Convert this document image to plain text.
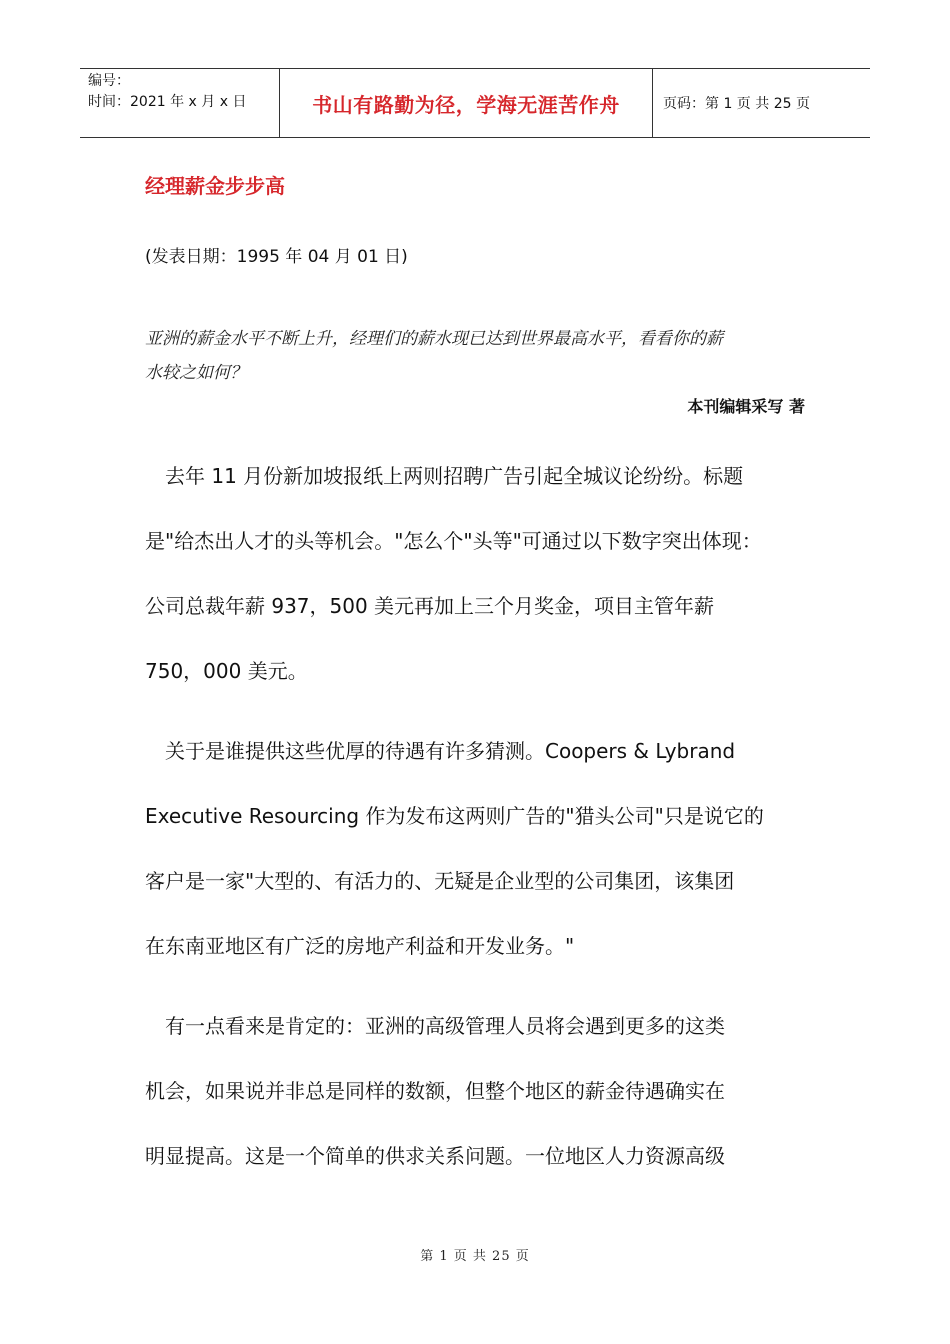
编号：
时间：2021 年 x 月 x 日	书山有路勤为径，学海无涯苦作舟	页码：第 1 页 共 25 页
经理薪金步步高
(发表日期：1995 年 04 月 01 日)
亚洲的薪金水平不断上升，经理们的薪水现已达到世界最高水平，看看你的薪
水较之如何？
本刊编辑采写 著

　去年 11 月份新加坡报纸上两则招聘广告引起全城议论纷纷。标题
是"给杰出人才的头等机会。"怎么个"头等"可通过以下数字突出体现：
公司总裁年薪 937，500 美元再加上三个月奖金，项目主管年薪
750，000 美元。

　关于是谁提供这些优厚的待遇有许多猜测。Coopers & Lybrand
Executive Resourcing 作为发布这两则广告的"猎头公司"只是说它的
客户是一家"大型的、有活力的、无疑是企业型的公司集团，该集团
在东南亚地区有广泛的房地产利益和开发业务。"

　有一点看来是肯定的：亚洲的高级管理人员将会遇到更多的这类
机会，如果说并非总是同样的数额，但整个地区的薪金待遇确实在
明显提高。这是一个简单的供求关系问题。一位地区人力资源高级

第 1 页 共 25 页
